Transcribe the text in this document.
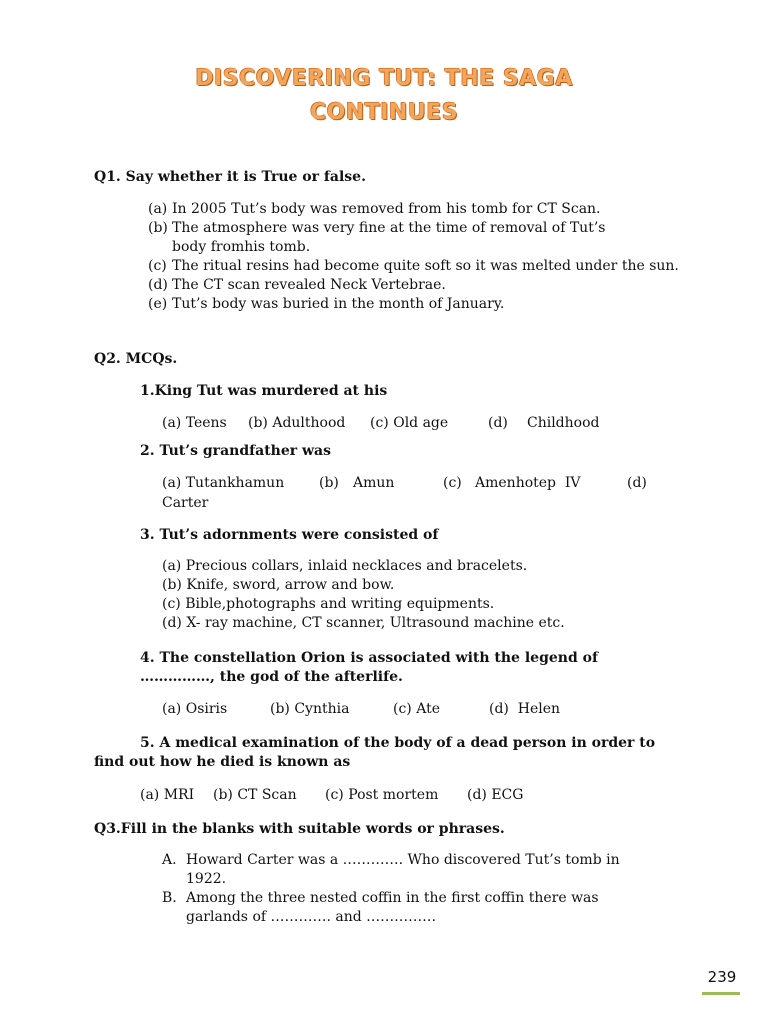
DISCOVERING TUT: THE SAGA
CONTINUES
Q1. Say whether it is True or false.
(a) In 2005 Tut’s body was removed from his tomb for CT Scan.
(b) The atmosphere was very fine at the time of removal of Tut’s body fromhis tomb.
(c) The ritual resins had become quite soft so it was melted under the sun.
(d) The CT scan revealed Neck Vertebrae.
(e) Tut’s body was buried in the month of January.
Q2. MCQs.
1.King Tut was murdered at his
(a) Teens	(b) Adulthood	(c) Old age	(d)	Childhood
2. Tut’s grandfather was
(a) Tutankhamun	(b)	Amun	(c) Amenhotep  IV	(d)
Carter
3. Tut’s adornments were consisted of
(a) Precious collars, inlaid necklaces and bracelets.
(b) Knife, sword, arrow and bow.
(c) Bible,photographs and writing equipments.
(d) X- ray machine, CT scanner, Ultrasound machine etc.
4. The constellation Orion is associated with the legend of
……………, the god of the afterlife.
(a) Osiris	(b) Cynthia	(c) Ate	(d)  Helen
5. A medical examination of the body of a dead person in order to
find out how he died is known as
(a) MRI	(b) CT Scan	(c) Post mortem	(d) ECG
Q3.Fill in the blanks with suitable words or phrases.
A. Howard Carter was a …………. Who discovered Tut’s tomb in 1922.
B. Among the three nested coffin in the first coffin there was garlands of …………. and ……………
239
